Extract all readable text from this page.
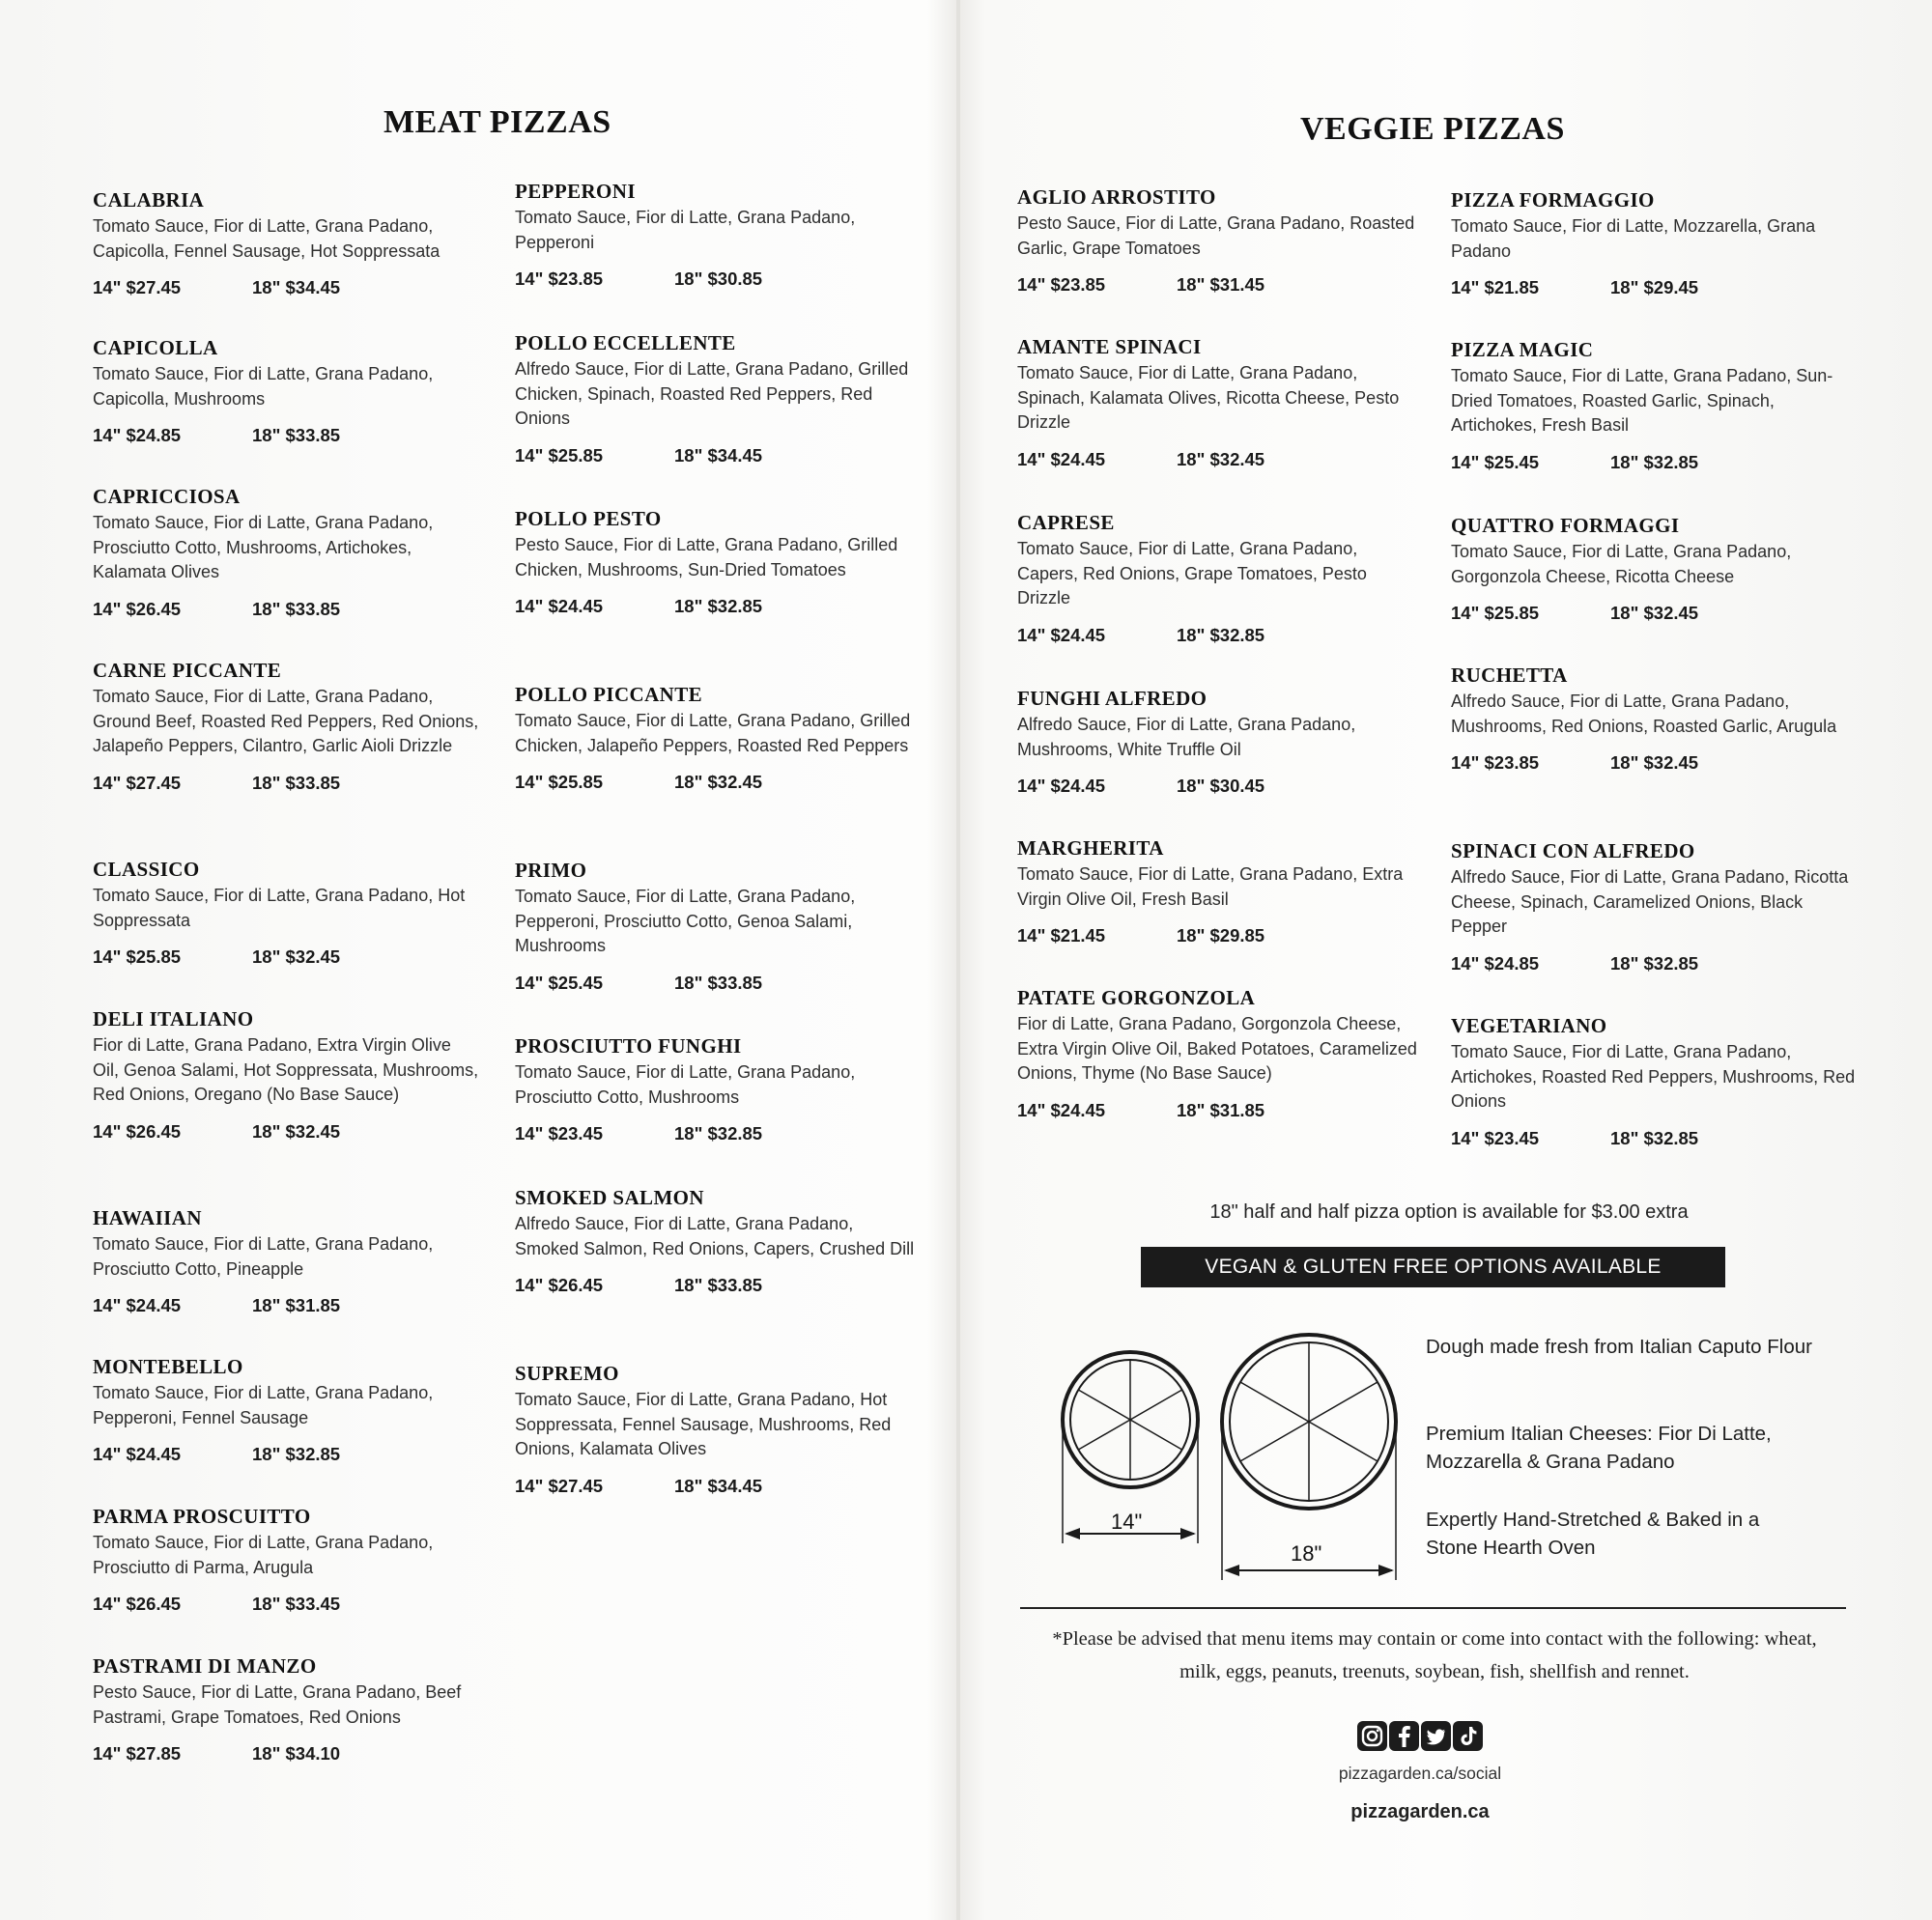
MEAT PIZZAS
CALABRIA
Tomato Sauce, Fior di Latte, Grana Padano, Capicolla, Fennel Sausage, Hot Soppressata
14" $27.45	18" $34.45
CAPICOLLA
Tomato Sauce, Fior di Latte, Grana Padano, Capicolla, Mushrooms
14" $24.85	18" $33.85
CAPRICCIOSA
Tomato Sauce, Fior di Latte, Grana Padano, Prosciutto Cotto, Mushrooms, Artichokes, Kalamata Olives
14" $26.45	18" $33.85
CARNE PICCANTE
Tomato Sauce, Fior di Latte, Grana Padano, Ground Beef, Roasted Red Peppers, Red Onions, Jalapeño Peppers, Cilantro, Garlic Aioli Drizzle
14" $27.45	18" $33.85
CLASSICO
Tomato Sauce, Fior di Latte, Grana Padano, Hot Soppressata
14" $25.85	18" $32.45
DELI ITALIANO
Fior di Latte, Grana Padano, Extra Virgin Olive Oil, Genoa Salami, Hot Soppressata, Mushrooms, Red Onions, Oregano (No Base Sauce)
14" $26.45	18" $32.45
HAWAIIAN
Tomato Sauce, Fior di Latte, Grana Padano, Prosciutto Cotto, Pineapple
14" $24.45	18" $31.85
MONTEBELLO
Tomato Sauce, Fior di Latte, Grana Padano, Pepperoni, Fennel Sausage
14" $24.45	18" $32.85
PARMA PROSCUITTO
Tomato Sauce, Fior di Latte, Grana Padano, Prosciutto di Parma, Arugula
14" $26.45	18" $33.45
PASTRAMI DI MANZO
Pesto Sauce, Fior di Latte, Grana Padano, Beef Pastrami, Grape Tomatoes, Red Onions
14" $27.85	18" $34.10
PEPPERONI
Tomato Sauce, Fior di Latte, Grana Padano, Pepperoni
14" $23.85	18" $30.85
POLLO ECCELLENTE
Alfredo Sauce, Fior di Latte, Grana Padano, Grilled Chicken, Spinach, Roasted Red Peppers, Red Onions
14" $25.85	18" $34.45
POLLO PESTO
Pesto Sauce, Fior di Latte, Grana Padano, Grilled Chicken, Mushrooms, Sun-Dried Tomatoes
14" $24.45	18" $32.85
POLLO PICCANTE
Tomato Sauce, Fior di Latte, Grana Padano, Grilled Chicken, Jalapeño Peppers, Roasted Red Peppers
14" $25.85	18" $32.45
PRIMO
Tomato Sauce, Fior di Latte, Grana Padano, Pepperoni, Prosciutto Cotto, Genoa Salami, Mushrooms
14" $25.45	18" $33.85
PROSCIUTTO FUNGHI
Tomato Sauce, Fior di Latte, Grana Padano, Prosciutto Cotto, Mushrooms
14" $23.45	18" $32.85
SMOKED SALMON
Alfredo Sauce, Fior di Latte, Grana Padano, Smoked Salmon, Red Onions, Capers, Crushed Dill
14" $26.45	18" $33.85
SUPREMO
Tomato Sauce, Fior di Latte, Grana Padano, Hot Soppressata, Fennel Sausage, Mushrooms, Red Onions, Kalamata Olives
14" $27.45	18" $34.45
VEGGIE PIZZAS
AGLIO ARROSTITO
Pesto Sauce, Fior di Latte, Grana Padano, Roasted Garlic, Grape Tomatoes
14" $23.85	18" $31.45
AMANTE SPINACI
Tomato Sauce, Fior di Latte, Grana Padano, Spinach, Kalamata Olives, Ricotta Cheese, Pesto Drizzle
14" $24.45	18" $32.45
CAPRESE
Tomato Sauce, Fior di Latte, Grana Padano, Capers, Red Onions, Grape Tomatoes, Pesto Drizzle
14" $24.45	18" $32.85
FUNGHI ALFREDO
Alfredo Sauce, Fior di Latte, Grana Padano, Mushrooms, White Truffle Oil
14" $24.45	18" $30.45
MARGHERITA
Tomato Sauce, Fior di Latte, Grana Padano, Extra Virgin Olive Oil, Fresh Basil
14" $21.45	18" $29.85
PATATE GORGONZOLA
Fior di Latte, Grana Padano, Gorgonzola Cheese, Extra Virgin Olive Oil, Baked Potatoes, Caramelized Onions, Thyme (No Base Sauce)
14" $24.45	18" $31.85
PIZZA FORMAGGIO
Tomato Sauce, Fior di Latte, Mozzarella, Grana Padano
14" $21.85	18" $29.45
PIZZA MAGIC
Tomato Sauce, Fior di Latte, Grana Padano, Sun-Dried Tomatoes, Roasted Garlic, Spinach, Artichokes, Fresh Basil
14" $25.45	18" $32.85
QUATTRO FORMAGGI
Tomato Sauce, Fior di Latte, Grana Padano, Gorgonzola Cheese, Ricotta Cheese
14" $25.85	18" $32.45
RUCHETTA
Alfredo Sauce, Fior di Latte, Grana Padano, Mushrooms, Red Onions, Roasted Garlic, Arugula
14" $23.85	18" $32.45
SPINACI CON ALFREDO
Alfredo Sauce, Fior di Latte, Grana Padano, Ricotta Cheese, Spinach, Caramelized Onions, Black Pepper
14" $24.85	18" $32.85
VEGETARIANO
Tomato Sauce, Fior di Latte, Grana Padano, Artichokes, Roasted Red Peppers, Mushrooms, Red Onions
14" $23.45	18" $32.85
18" half and half pizza option is available for $3.00 extra
VEGAN & GLUTEN FREE OPTIONS AVAILABLE
14"
18"
Dough made fresh from Italian Caputo Flour
Premium Italian Cheeses: Fior Di Latte, Mozzarella & Grana Padano
Expertly Hand-Stretched & Baked in a Stone Hearth Oven
*Please be advised that menu items may contain or come into contact with the following: wheat, milk, eggs, peanuts, treenuts, soybean, fish, shellfish and rennet.
pizzagarden.ca/social
pizzagarden.ca
